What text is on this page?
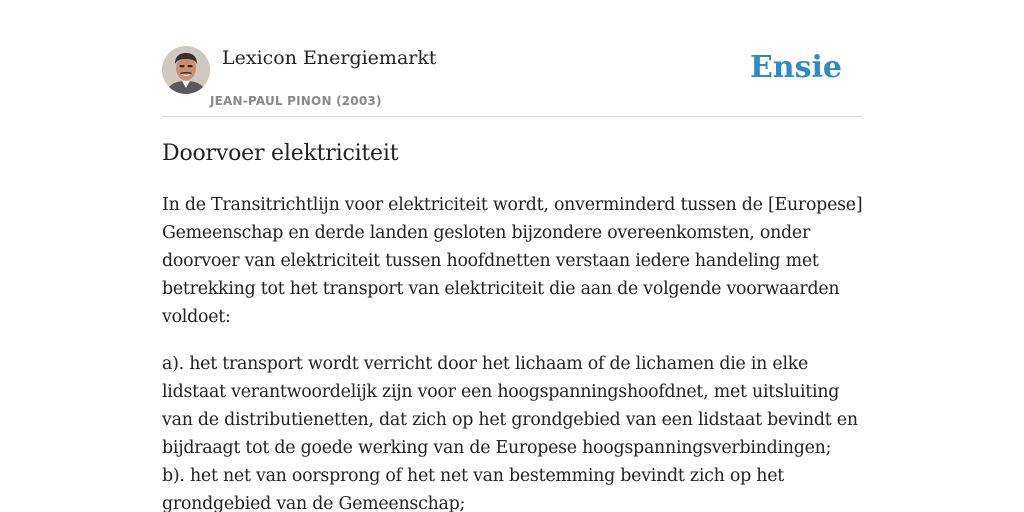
Lexicon Energiemarkt
JEAN-PAUL PINON (2003)
Ensie
Doorvoer elektriciteit

In de Transitrichtlijn voor elektriciteit wordt, onverminderd tussen de [Europese] Gemeenschap en derde landen gesloten bijzondere overeenkomsten, onder doorvoer van elektriciteit tussen hoofdnetten verstaan iedere handeling met betrekking tot het transport van elektriciteit die aan de volgende voorwaarden voldoet:

a). het transport wordt verricht door het lichaam of de lichamen die in elke lidstaat verantwoordelijk zijn voor een hoogspanningshoofdnet, met uitsluiting van de distributienetten, dat zich op het grondgebied van een lidstaat bevindt en bijdraagt tot de goede werking van de Europese hoogspanningsverbindingen;

b). het net van oorsprong of het net van bestemming bevindt zich op het grondgebied van de Gemeenschap;
